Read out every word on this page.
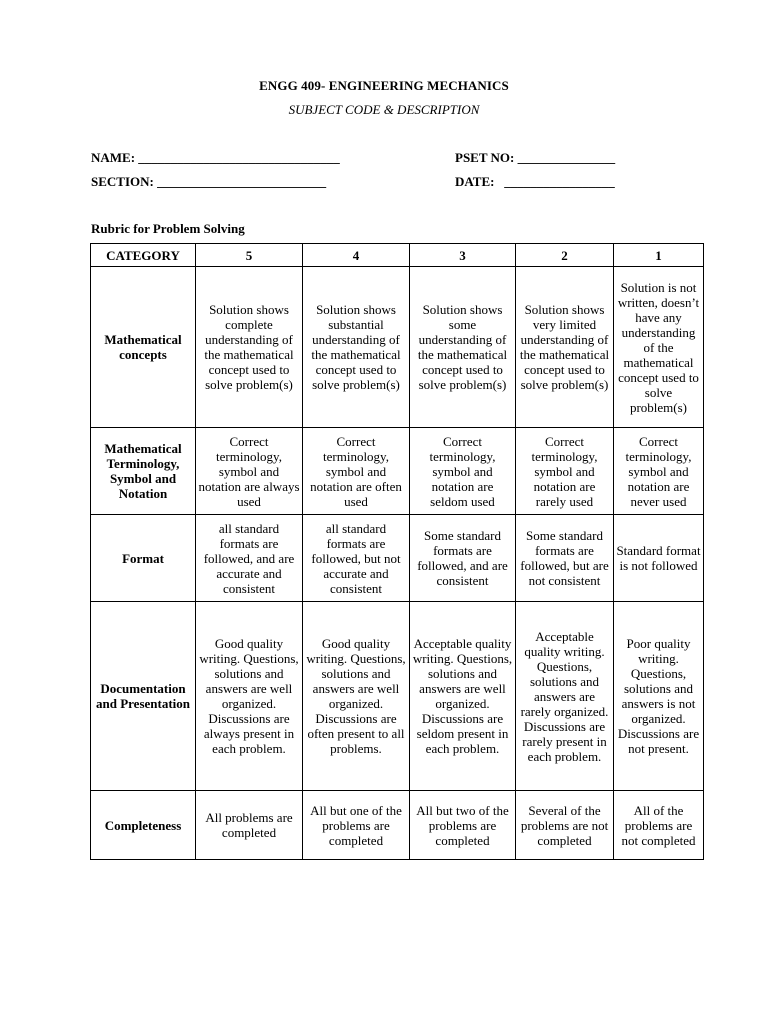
ENGG 409- ENGINEERING MECHANICS
SUBJECT CODE & DESCRIPTION
NAME: _______________________________	PSET NO: _______________
SECTION: __________________________	DATE:   _________________
Rubric for Problem Solving
CATEGORY	5	4	3	2	1
Mathematical concepts	Solution shows complete understanding of the mathematical concept used to solve problem(s)	Solution shows substantial understanding of the mathematical concept used to solve problem(s)	Solution shows some understanding of the mathematical concept used to solve problem(s)	Solution shows very limited understanding of the mathematical concept used to solve problem(s)	Solution is not written, doesn’t have any understanding of the mathematical concept used to solve problem(s)
Mathematical Terminology, Symbol and Notation	Correct terminology, symbol and notation are always used	Correct terminology, symbol and notation are often used	Correct terminology, symbol and notation are seldom used	Correct terminology, symbol and notation are rarely used	Correct terminology, symbol and notation are never used
Format	all standard formats are followed, and are accurate and consistent	all standard formats are followed, but not accurate and consistent	Some standard formats are followed, and are consistent	Some standard formats are followed, but are not consistent	Standard format is not followed
Documentation and Presentation	Good quality writing. Questions, solutions and answers are well organized. Discussions are always present in each problem.	Good quality writing. Questions, solutions and answers are well organized. Discussions are often present to all problems.	Acceptable quality writing. Questions, solutions and answers are well organized. Discussions are seldom present in each problem.	Acceptable quality writing. Questions, solutions and answers are rarely organized. Discussions are rarely present in each problem.	Poor quality writing. Questions, solutions and answers is not organized. Discussions are not present.
Completeness	All problems are completed	All but one of the problems are completed	All but two of the problems are completed	Several of the problems are not completed	All of the problems are not completed
